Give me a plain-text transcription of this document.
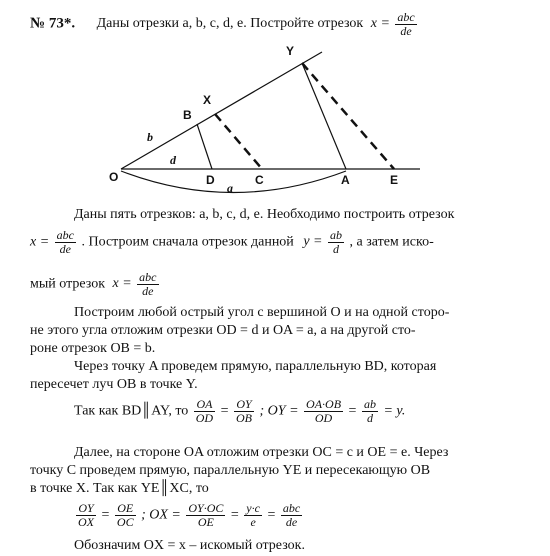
№ 73*. Даны отрезки a, b, c, d, e. Постройте отрезок $x = \frac{\text{abc}}{de}$
O	D	C	A	E
B
X
Y
b
d
a
Даны пять отрезков: a, b, c, d, e. Необходимо построить отрезок
$x = \frac{\text{abc}}{de}$ . Построим сначала отрезок данной $y = \frac{ab}{d}$ , а затем иско-
мый отрезок $x = \frac{\text{abc}}{de}$
Построим любой острый угол с вершиной O и на одной сторо-
не этого угла отложим отрезки OD = d и OA = a, а на другой сто-
роне отрезок OB = b.
Через точку A проведем прямую, параллельную BD, которая
пересечет луч OB в точке Y.
Так как BD║AY, то $\frac{OA}{OD} = \frac{OY}{OB}$ ; OY = $\frac{OA\cdot OB}{OD} = \frac{ab}{d} = y$.
Далее, на стороне OA отложим отрезки OC = c и OE = e. Через
точку C проведем прямую, параллельную YE и пересекающую OB
в точке X. Так как YE║XC, то
$\frac{OY}{OX} = \frac{OE}{OC}$ ; OX = $\frac{OY\cdot OC}{OE} = \frac{y\cdot c}{e} = \frac{\text{abc}}{de}$
Обозначим OX = x – искомый отрезок.
